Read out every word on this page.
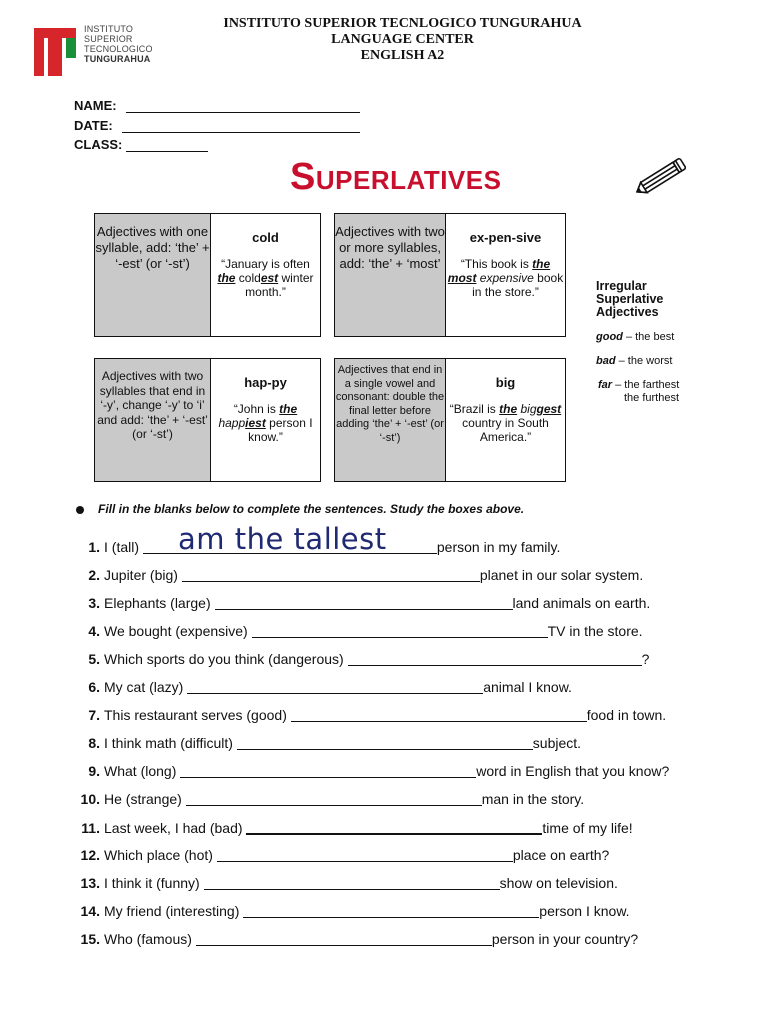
INSTITUTO
SUPERIOR
TECNOLOGICO
TUNGURAHUA
INSTITUTO SUPERIOR TECNLOGICO TUNGURAHUA
LANGUAGE CENTER
ENGLISH A2
NAME:
DATE:
CLASS:
SUPERLATIVES
Adjectives with one syllable, add: ‘the’ + ‘-est’ (or ‘-st’)
cold
“January is often the coldest winter month.”
Adjectives with two or more syllables, add: ‘the’ + ‘most’
ex-pen-sive
“This book is the most expensive book in the store.”
Adjectives with two syllables that end in ‘-y’, change ‘-y’ to ‘i’ and add: ‘the’ + ‘-est’ (or ‘-st’)
hap-py
“John is the happiest person I know.”
Adjectives that end in a single vowel and consonant: double the final letter before adding ‘the’ + ‘-est’ (or ‘-st’)
big
“Brazil is the biggest country in South America.”
Irregular
Superlative
Adjectives
good – the best
bad – the worst
far – the farthest
the furthest
Fill in the blanks below to complete the sentences. Study the boxes above.
am the tallest
1. I (tall)	person in my family.
2. Jupiter (big)	planet in our solar system.
3. Elephants (large)	land animals on earth.
4. We bought (expensive)	TV in the store.
5. Which sports do you think (dangerous)	?
6. My cat (lazy)	animal I know.
7. This restaurant serves (good)	food in town.
8. I think math (difficult)	subject.
9. What (long)	word in English that you know?
10. He (strange)	man in the story.
11. Last week, I had (bad)	time of my life!
12. Which place (hot)	place on earth?
13. I think it (funny)	show on television.
14. My friend (interesting)	person I know.
15. Who (famous)	person in your country?
